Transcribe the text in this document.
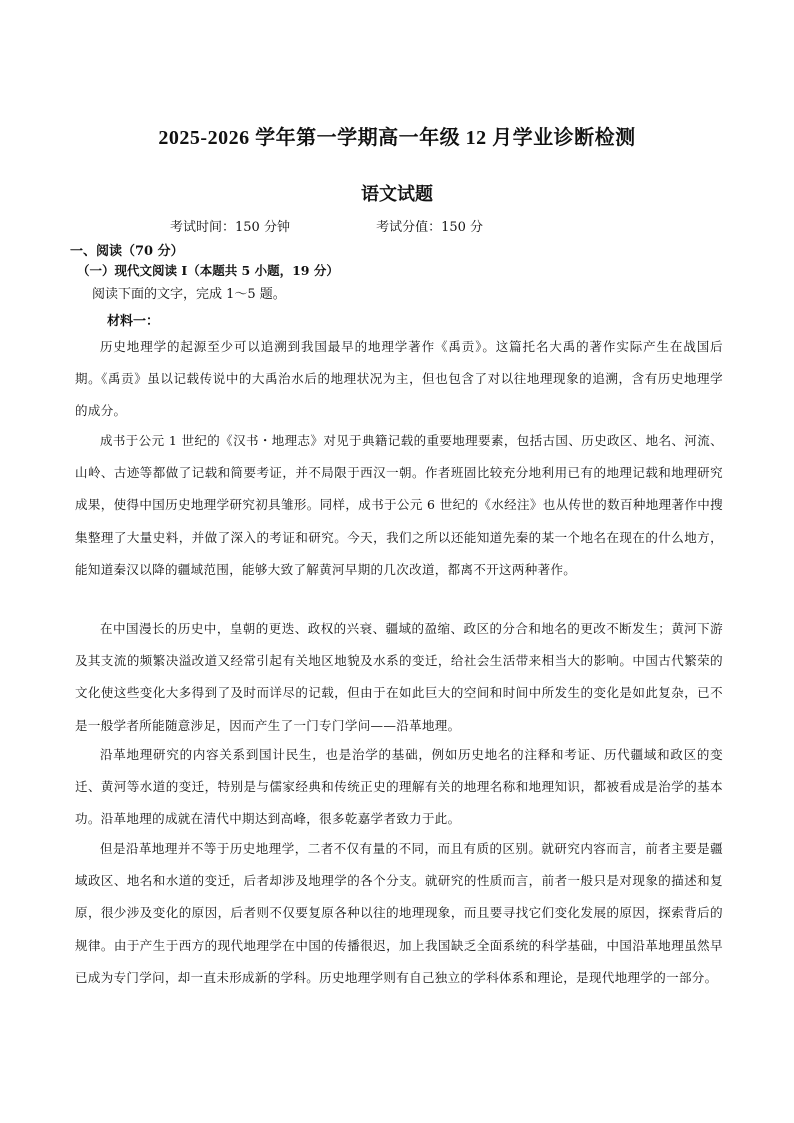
2025-2026 学年第一学期高一年级 12 月学业诊断检测
语文试题
考试时间：150 分钟	考试分值：150 分
一、阅读（70 分）
（一）现代文阅读 I（本题共 5 小题，19 分）
阅读下面的文字，完成 1～5 题。
材料一：

历史地理学的起源至少可以追溯到我国最早的地理学著作《禹贡》。这篇托名大禹的著作实际产生在战国后期。《禹贡》虽以记载传说中的大禹治水后的地理状况为主，但也包含了对以往地理现象的追溯，含有历史地理学的成分。

成书于公元 1 世纪的《汉书・地理志》对见于典籍记载的重要地理要素，包括古国、历史政区、地名、河流、山岭、古迹等都做了记载和简要考证，并不局限于西汉一朝。作者班固比较充分地利用已有的地理记载和地理研究成果，使得中国历史地理学研究初具雏形。同样，成书于公元 6 世纪的《水经注》也从传世的数百种地理著作中搜集整理了大量史料，并做了深入的考证和研究。今天，我们之所以还能知道先秦的某一个地名在现在的什么地方，能知道秦汉以降的疆域范围，能够大致了解黄河早期的几次改道，都离不开这两种著作。

在中国漫长的历史中，皇朝的更迭、政权的兴衰、疆域的盈缩、政区的分合和地名的更改不断发生；黄河下游及其支流的频繁决溢改道又经常引起有关地区地貌及水系的变迁，给社会生活带来相当大的影响。中国古代繁荣的文化使这些变化大多得到了及时而详尽的记载，但由于在如此巨大的空间和时间中所发生的变化是如此复杂，已不是一般学者所能随意涉足，因而产生了一门专门学问——沿革地理。

沿革地理研究的内容关系到国计民生，也是治学的基础，例如历史地名的注释和考证、历代疆域和政区的变迁、黄河等水道的变迁，特别是与儒家经典和传统正史的理解有关的地理名称和地理知识，都被看成是治学的基本功。沿革地理的成就在清代中期达到高峰，很多乾嘉学者致力于此。

但是沿革地理并不等于历史地理学，二者不仅有量的不同，而且有质的区别。就研究内容而言，前者主要是疆域政区、地名和水道的变迁，后者却涉及地理学的各个分支。就研究的性质而言，前者一般只是对现象的描述和复原，很少涉及变化的原因，后者则不仅要复原各种以往的地理现象，而且要寻找它们变化发展的原因，探索背后的规律。由于产生于西方的现代地理学在中国的传播很迟，加上我国缺乏全面系统的科学基础，中国沿革地理虽然早已成为专门学问，却一直未形成新的学科。历史地理学则有自己独立的学科体系和理论，是现代地理学的一部分。
